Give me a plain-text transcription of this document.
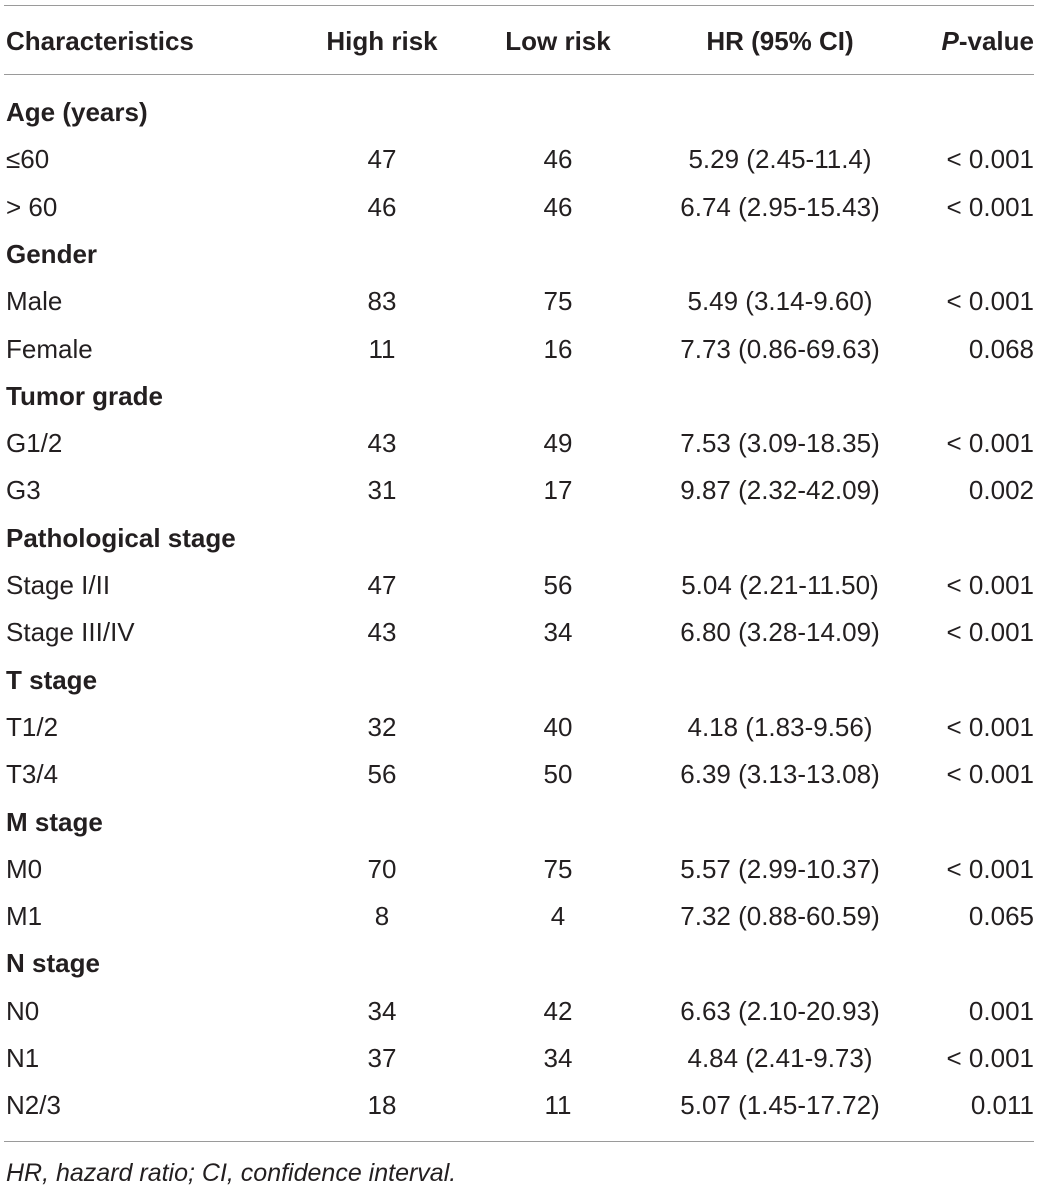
Characteristics	High risk	Low risk	HR (95% CI)	P-value
Age (years)
≤60	47	46	5.29 (2.45-11.4)	< 0.001
> 60	46	46	6.74 (2.95-15.43)	< 0.001
Gender
Male	83	75	5.49 (3.14-9.60)	< 0.001
Female	11	16	7.73 (0.86-69.63)	0.068
Tumor grade
G1/2	43	49	7.53 (3.09-18.35)	< 0.001
G3	31	17	9.87 (2.32-42.09)	0.002
Pathological stage
Stage I/II	47	56	5.04 (2.21-11.50)	< 0.001
Stage III/IV	43	34	6.80 (3.28-14.09)	< 0.001
T stage
T1/2	32	40	4.18 (1.83-9.56)	< 0.001
T3/4	56	50	6.39 (3.13-13.08)	< 0.001
M stage
M0	70	75	5.57 (2.99-10.37)	< 0.001
M1	8	4	7.32 (0.88-60.59)	0.065
N stage
N0	34	42	6.63 (2.10-20.93)	0.001
N1	37	34	4.84 (2.41-9.73)	< 0.001
N2/3	18	11	5.07 (1.45-17.72)	0.011
HR, hazard ratio; CI, confidence interval.
